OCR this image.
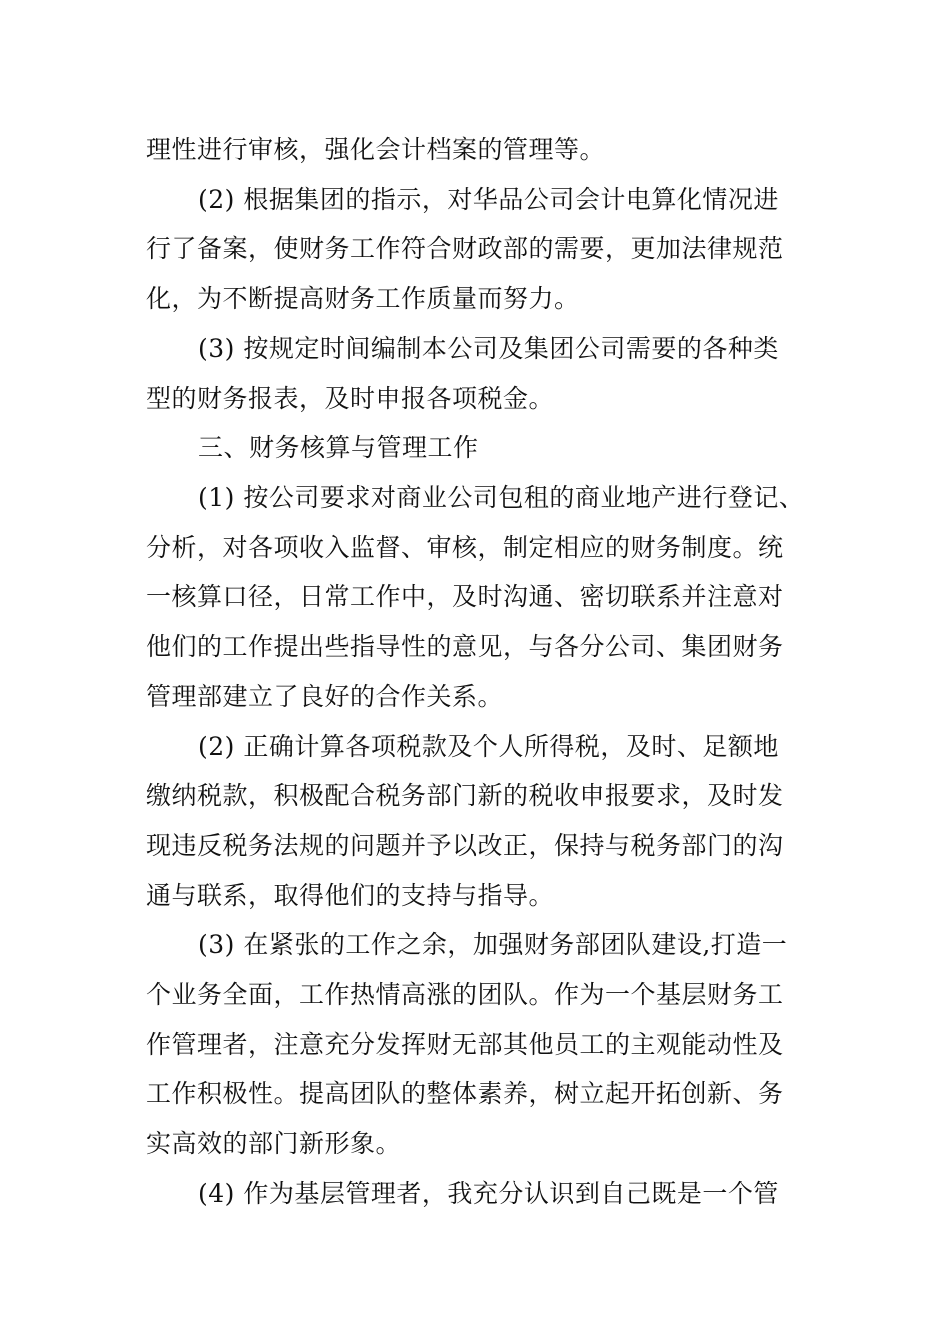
理性进行审核，强化会计档案的管理等。
(2) 根据集团的指示，对华品公司会计电算化情况进
行了备案，使财务工作符合财政部的需要，更加法律规范
化，为不断提高财务工作质量而努力。
(3) 按规定时间编制本公司及集团公司需要的各种类
型的财务报表，及时申报各项税金。
三、财务核算与管理工作
(1) 按公司要求对商业公司包租的商业地产进行登记、
分析，对各项收入监督、审核，制定相应的财务制度。统
一核算口径，日常工作中，及时沟通、密切联系并注意对
他们的工作提出些指导性的意见，与各分公司、集团财务
管理部建立了良好的合作关系。
(2) 正确计算各项税款及个人所得税，及时、足额地
缴纳税款，积极配合税务部门新的税收申报要求，及时发
现违反税务法规的问题并予以改正，保持与税务部门的沟
通与联系，取得他们的支持与指导。
(3) 在紧张的工作之余，加强财务部团队建设,打造一
个业务全面，工作热情高涨的团队。作为一个基层财务工
作管理者，注意充分发挥财无部其他员工的主观能动性及
工作积极性。提高团队的整体素养，树立起开拓创新、务
实高效的部门新形象。
(4) 作为基层管理者，我充分认识到自己既是一个管
